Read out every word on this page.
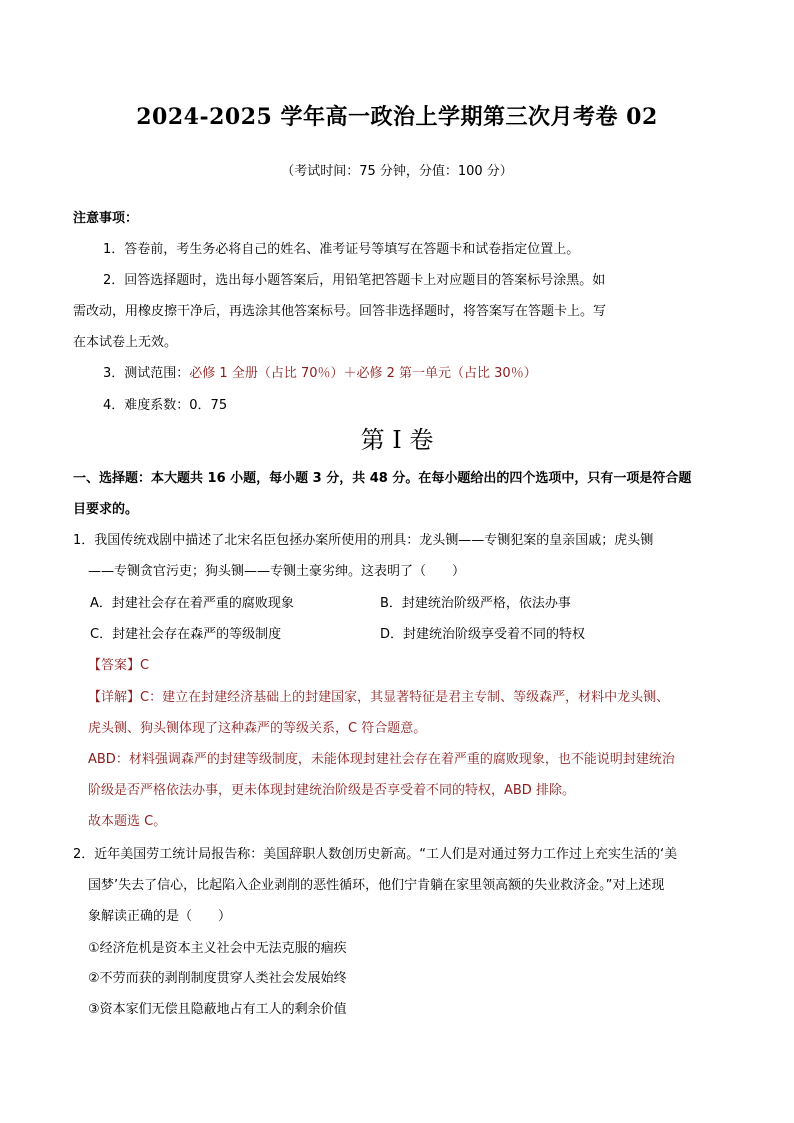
2024-2025 学年高一政治上学期第三次月考卷 02
（考试时间：75 分钟，分值：100 分）
注意事项：
1．答卷前，考生务必将自己的姓名、准考证号等填写在答题卡和试卷指定位置上。
2．回答选择题时，选出每小题答案后，用铅笔把答题卡上对应题目的答案标号涂黑。如
需改动，用橡皮擦干净后，再选涂其他答案标号。回答非选择题时，将答案写在答题卡上。写
在本试卷上无效。
3．测试范围：必修 1 全册（占比 70％）＋必修 2 第一单元（占比 30％）
4．难度系数：0．75
第 I 卷
一、选择题：本大题共 16 小题，每小题 3 分，共 48 分。在每小题给出的四个选项中，只有一项是符合题
目要求的。
1．我国传统戏剧中描述了北宋名臣包拯办案所使用的刑具：龙头铡——专铡犯案的皇亲国戚；虎头铡
——专铡贪官污吏；狗头铡——专铡土豪劣绅。这表明了（　　）
A．封建社会存在着严重的腐败现象	B．封建统治阶级严格，依法办事
C．封建社会存在森严的等级制度	D．封建统治阶级享受着不同的特权
【答案】C
【详解】C：建立在封建经济基础上的封建国家，其显著特征是君主专制、等级森严，材料中龙头铡、
虎头铡、狗头铡体现了这种森严的等级关系，C 符合题意。
ABD：材料强调森严的封建等级制度，未能体现封建社会存在着严重的腐败现象，也不能说明封建统治
阶级是否严格依法办事，更未体现封建统治阶级是否享受着不同的特权，ABD 排除。
故本题选 C。
2．近年美国劳工统计局报告称：美国辞职人数创历史新高。“工人们是对通过努力工作过上充实生活的‘美
国梦’失去了信心，比起陷入企业剥削的恶性循环，他们宁肯躺在家里领高额的失业救济金。”对上述现
象解读正确的是（　　）
①经济危机是资本主义社会中无法克服的痼疾
②不劳而获的剥削制度贯穿人类社会发展始终
③资本家们无偿且隐蔽地占有工人的剩余价值
